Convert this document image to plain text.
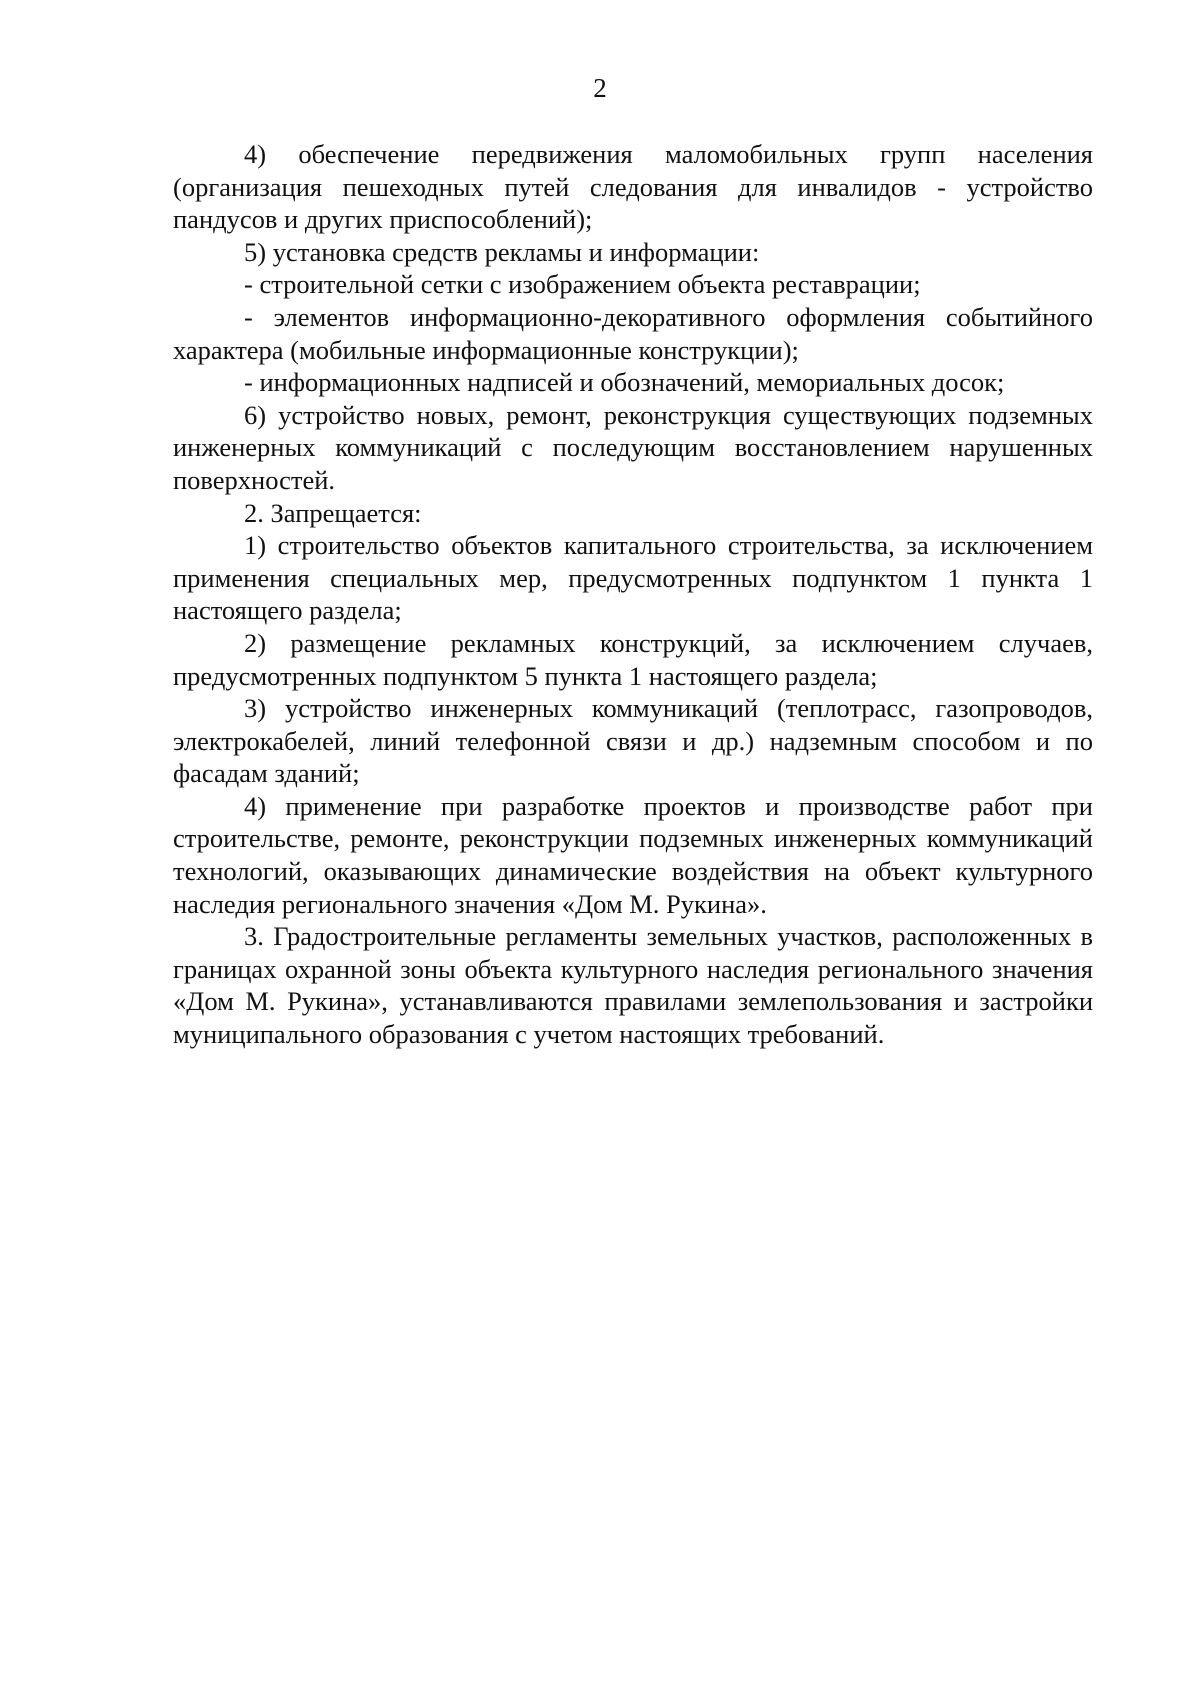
2

4) обеспечение передвижения маломобильных групп населения (организация пешеходных путей следования для инвалидов - устройство пандусов и других приспособлений);

5) установка средств рекламы и информации:

- строительной сетки с изображением объекта реставрации;

- элементов информационно-декоративного оформления событийного характера (мобильные информационные конструкции);

- информационных надписей и обозначений, мемориальных досок;

6) устройство новых, ремонт, реконструкция существующих подземных инженерных коммуникаций с последующим восстановлением нарушенных поверхностей.

2. Запрещается:

1) строительство объектов капитального строительства, за исключением применения специальных мер, предусмотренных подпунктом 1 пункта 1 настоящего раздела;

2) размещение рекламных конструкций, за исключением случаев, предусмотренных подпунктом 5 пункта 1 настоящего раздела;

3) устройство инженерных коммуникаций (теплотрасс, газопроводов, электрокабелей, линий телефонной связи и др.) надземным способом и по фасадам зданий;

4) применение при разработке проектов и производстве работ при строительстве, ремонте, реконструкции подземных инженерных коммуникаций технологий, оказывающих динамические воздействия на объект культурного наследия регионального значения «Дом М. Рукина».

3. Градостроительные регламенты земельных участков, расположенных в границах охранной зоны объекта культурного наследия регионального значения «Дом М. Рукина», устанавливаются правилами землепользования и застройки муниципального образования с учетом настоящих требований.
